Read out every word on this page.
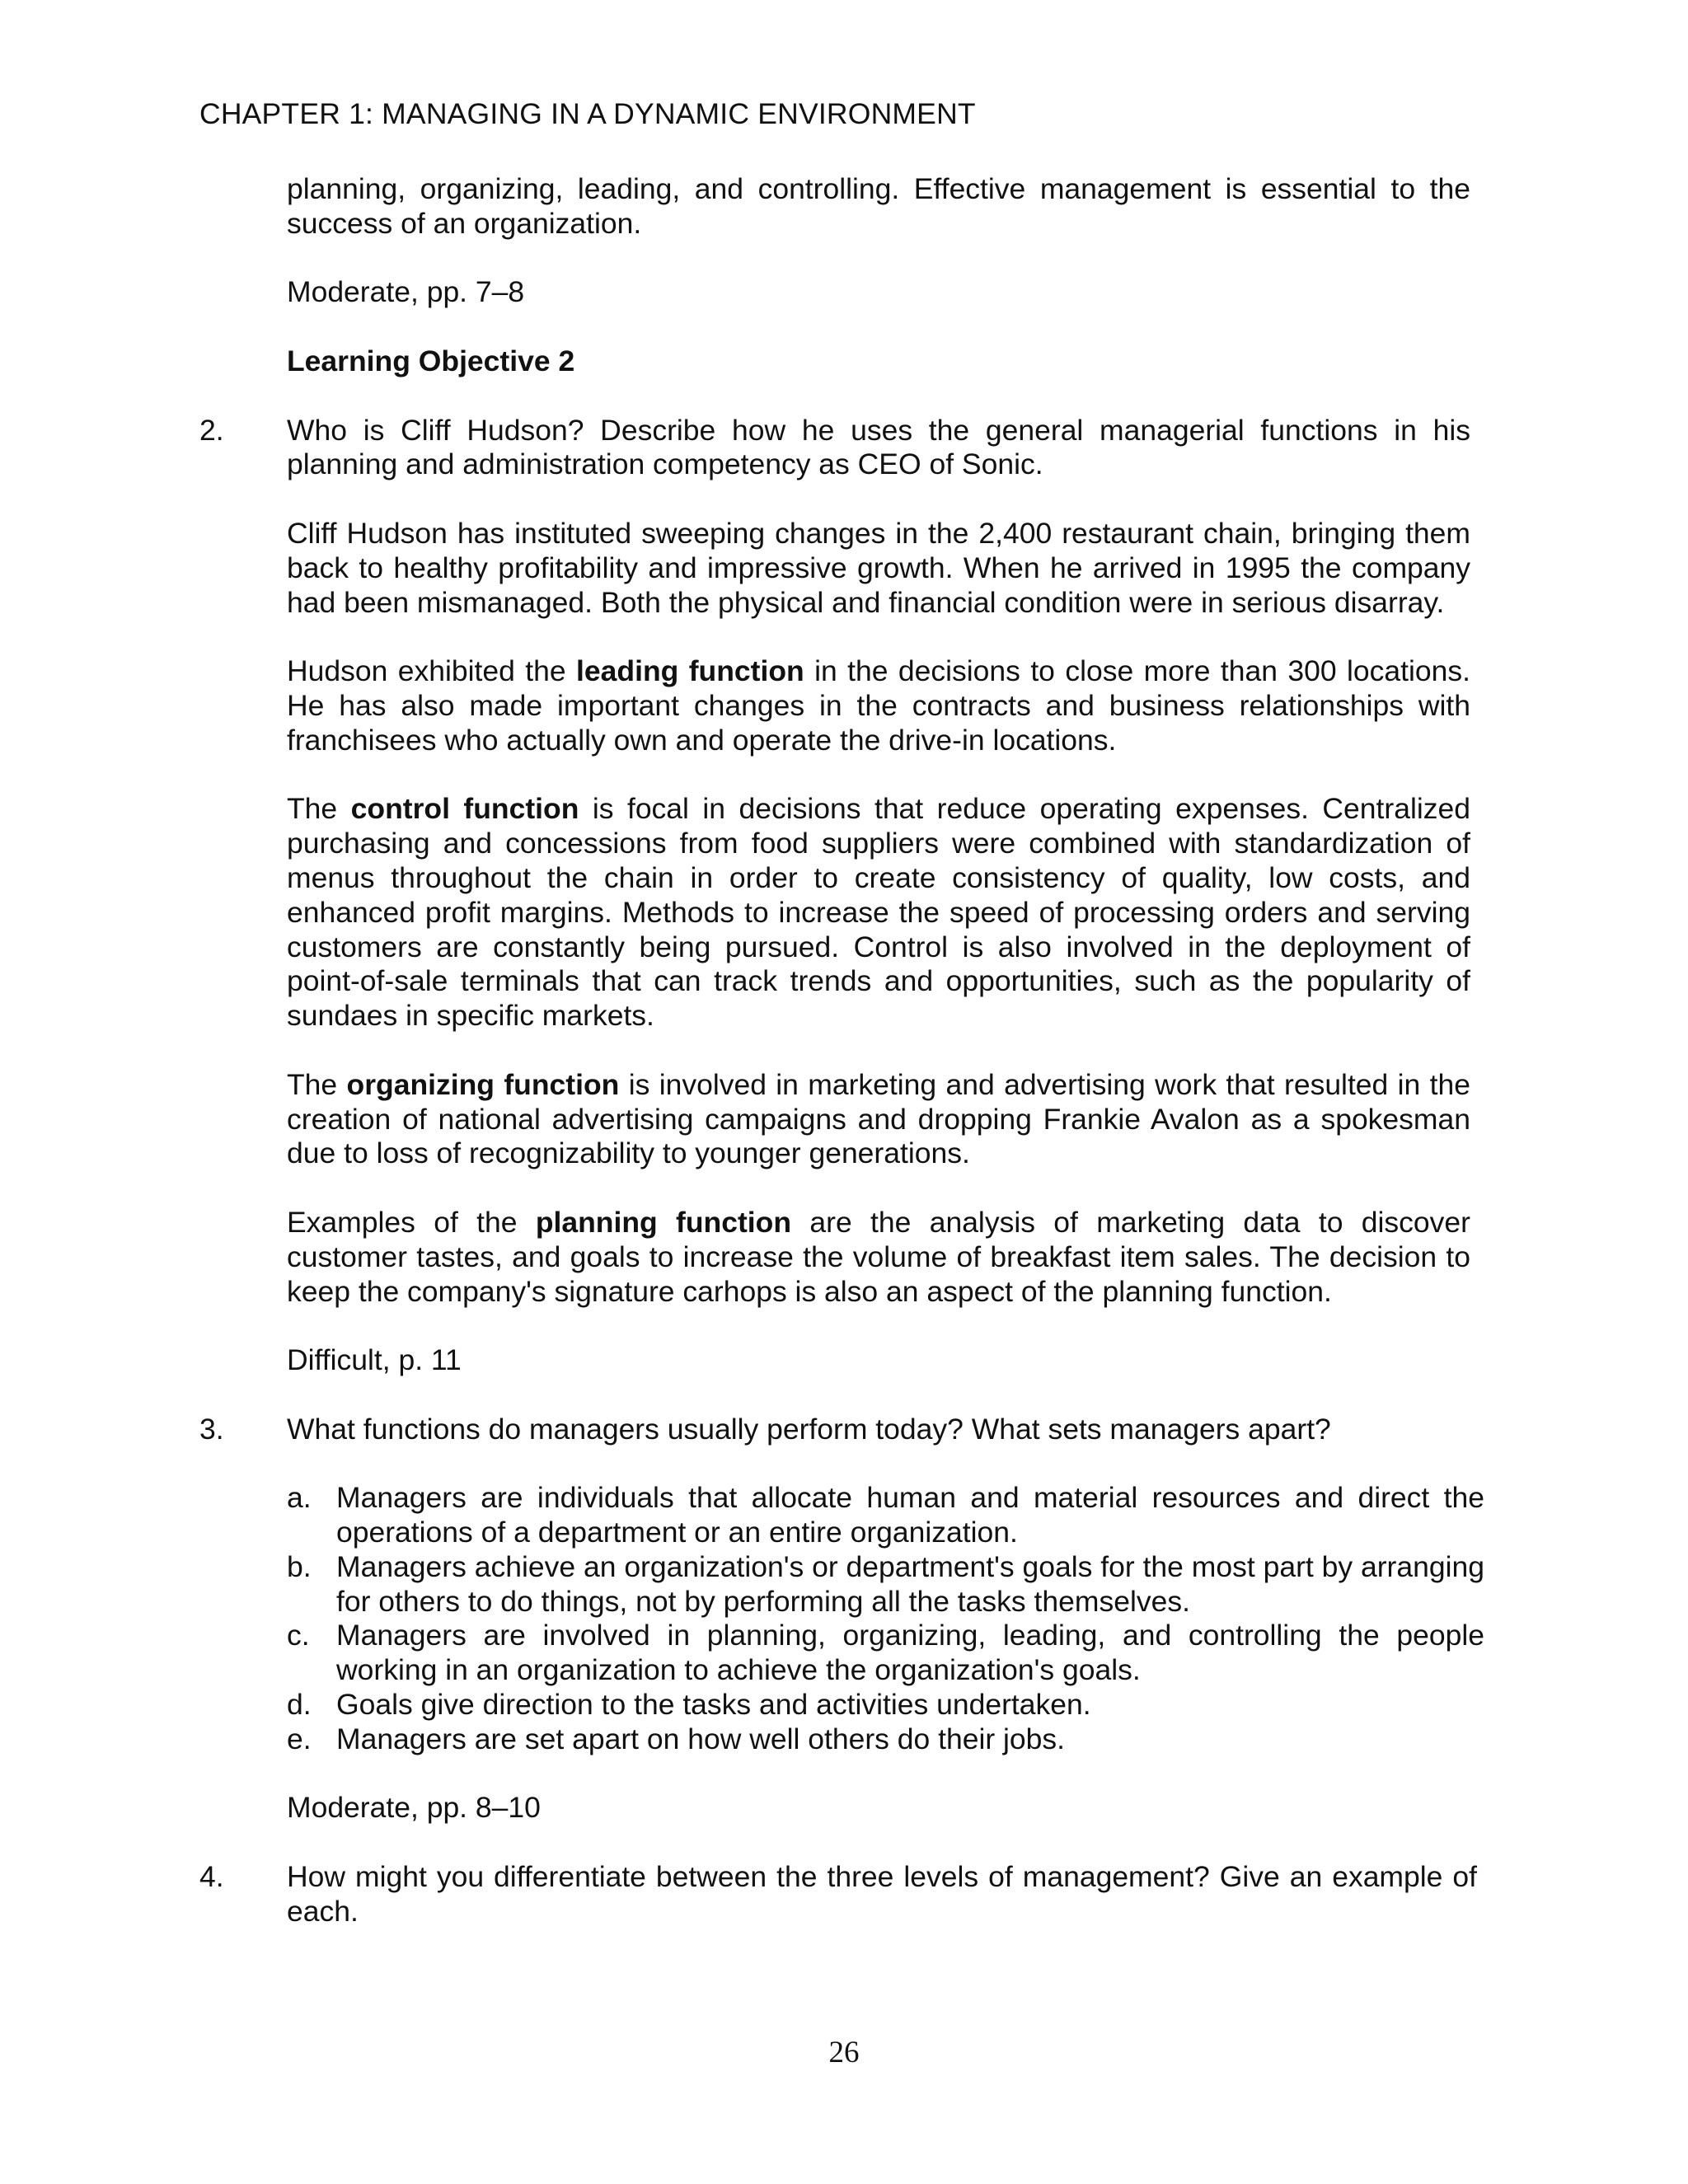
CHAPTER 1: MANAGING IN A DYNAMIC ENVIRONMENT

planning, organizing, leading, and controlling. Effective management is essential to the success of an organization.

Moderate, pp. 7–8

Learning Objective 2

2.	Who is Cliff Hudson? Describe how he uses the general managerial functions in his planning and administration competency as CEO of Sonic.

Cliff Hudson has instituted sweeping changes in the 2,400 restaurant chain, bringing them back to healthy profitability and impressive growth. When he arrived in 1995 the company had been mismanaged. Both the physical and financial condition were in serious disarray.

Hudson exhibited the leading function in the decisions to close more than 300 locations. He has also made important changes in the contracts and business relationships with franchisees who actually own and operate the drive-in locations.

The control function is focal in decisions that reduce operating expenses. Centralized purchasing and concessions from food suppliers were combined with standardization of menus throughout the chain in order to create consistency of quality, low costs, and enhanced profit margins. Methods to increase the speed of processing orders and serving customers are constantly being pursued. Control is also involved in the deployment of point-of-sale terminals that can track trends and opportunities, such as the popularity of sundaes in specific markets.

The organizing function is involved in marketing and advertising work that resulted in the creation of national advertising campaigns and dropping Frankie Avalon as a spokesman due to loss of recognizability to younger generations.

Examples of the planning function are the analysis of marketing data to discover customer tastes, and goals to increase the volume of breakfast item sales. The decision to keep the company's signature carhops is also an aspect of the planning function.

Difficult, p. 11

3.	What functions do managers usually perform today? What sets managers apart?
a. Managers are individuals that allocate human and material resources and direct the operations of a department or an entire organization.
b. Managers achieve an organization's or department's goals for the most part by arranging for others to do things, not by performing all the tasks themselves.
c. Managers are involved in planning, organizing, leading, and controlling the people working in an organization to achieve the organization's goals.
d. Goals give direction to the tasks and activities undertaken.
e. Managers are set apart on how well others do their jobs.

Moderate, pp. 8–10

4.	How might you differentiate between the three levels of management? Give an example of each.
26
